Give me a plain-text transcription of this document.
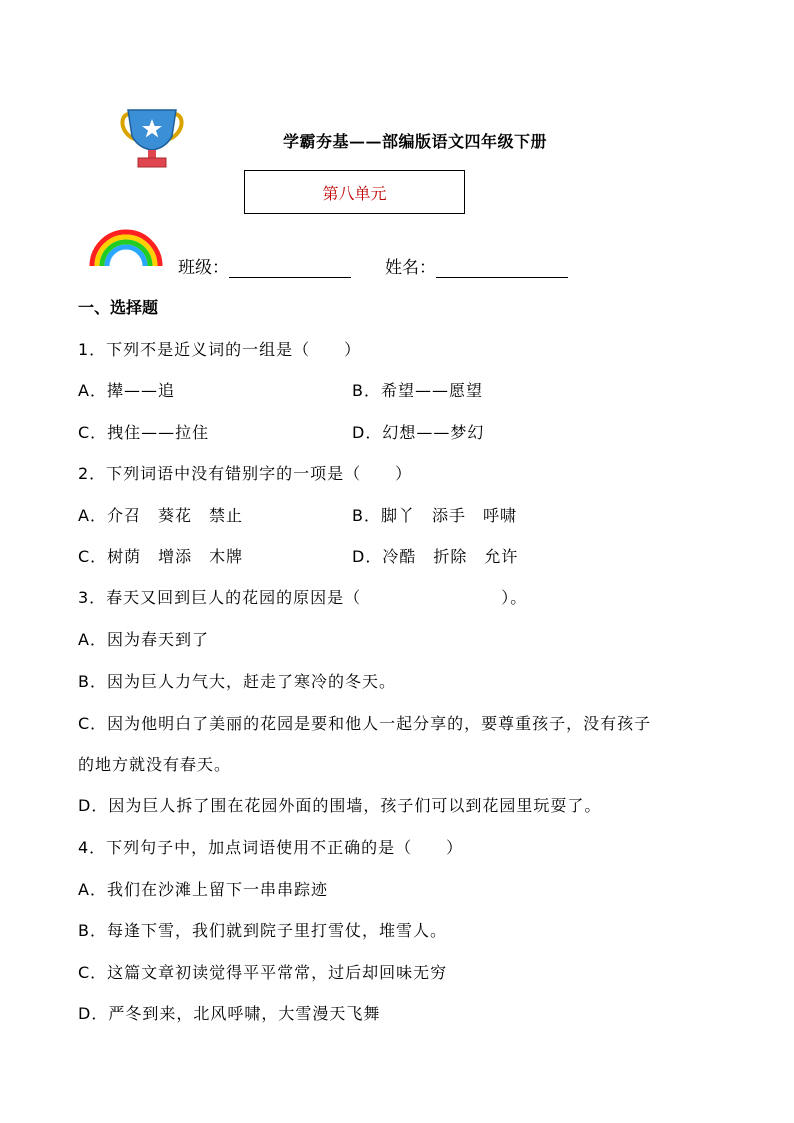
学霸夯基——部编版语文四年级下册
第八单元
班级：	姓名：
一、选择题
1．下列不是近义词的一组是（　　）
A．撵——追	B．希望——愿望
C．拽住——拉住	D．幻想——梦幻
2．下列词语中没有错别字的一项是（　　）
A．介召　葵花　禁止	B．脚丫　添手　呼啸
C．树荫　增添　木牌	D．冷酷　折除　允许
3．春天又回到巨人的花园的原因是（	）。
A．因为春天到了
B．因为巨人力气大，赶走了寒冷的冬天。
C．因为他明白了美丽的花园是要和他人一起分享的，要尊重孩子，没有孩子
的地方就没有春天。
D．因为巨人拆了围在花园外面的围墙，孩子们可以到花园里玩耍了。
4．下列句子中，加点词语使用不正确的是（　　）
A．我们在沙滩上留下一串串踪迹
B．每逢下雪，我们就到院子里打雪仗，堆雪人。
C．这篇文章初读觉得平平常常，过后却回味无穷
D．严冬到来，北风呼啸，大雪漫天飞舞
